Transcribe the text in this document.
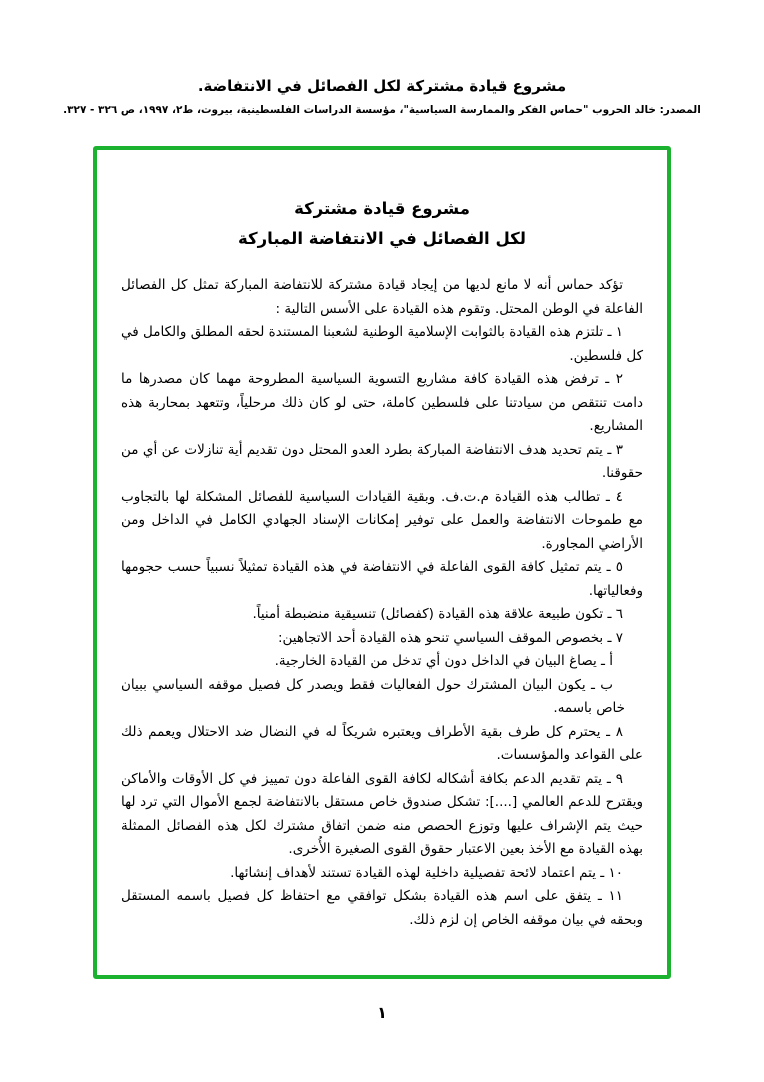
مشروع قيادة مشتركة لكل الفصائل في الانتفاضة.
المصدر: خالد الحروب "حماس الفكر والممارسة السياسية"، مؤسسة الدراسات الفلسطينية، بيروت، ط٢، ١٩٩٧، ص ٣٢٦ - ٣٢٧.
مشروع قيادة مشتركة
لكل الفصائل في الانتفاضة المباركة

تؤكد حماس أنه لا مانع لديها من إيجاد قيادة مشتركة للانتفاضة المباركة تمثل كل الفصائل الفاعلة في الوطن المحتل. وتقوم هذه القيادة على الأسس التالية :

١ ـ تلتزم هذه القيادة بالثوابت الإسلامية الوطنية لشعبنا المستندة لحقه المطلق والكامل في كل فلسطين.

٢ ـ ترفض هذه القيادة كافة مشاريع التسوية السياسية المطروحة مهما كان مصدرها ما دامت تنتقص من سيادتنا على فلسطين كاملة، حتى لو كان ذلك مرحلياً، وتتعهد بمحاربة هذه المشاريع.

٣ ـ يتم تحديد هدف الانتفاضة المباركة بطرد العدو المحتل دون تقديم أية تنازلات عن أي من حقوقنا.

٤ ـ تطالب هذه القيادة م.ت.ف. وبقية القيادات السياسية للفصائل المشكلة لها بالتجاوب مع طموحات الانتفاضة والعمل على توفير إمكانات الإسناد الجهادي الكامل في الداخل ومن الأراضي المجاورة.

٥ ـ يتم تمثيل كافة القوى الفاعلة في الانتفاضة في هذه القيادة تمثيلاً نسبياً حسب حجومها وفعالياتها.

٦ ـ تكون طبيعة علاقة هذه القيادة (كفصائل) تنسيقية منضبطة أمنياً.

٧ ـ بخصوص الموقف السياسي تنحو هذه القيادة أحد الاتجاهين:

أ ـ يصاغ البيان في الداخل دون أي تدخل من القيادة الخارجية.

ب ـ يكون البيان المشترك حول الفعاليات فقط ويصدر كل فصيل موقفه السياسي ببيان خاص باسمه.

٨ ـ يحترم كل طرف بقية الأطراف ويعتبره شريكاً له في النضال ضد الاحتلال ويعمم ذلك على القواعد والمؤسسات.

٩ ـ يتم تقديم الدعم بكافة أشكاله لكافة القوى الفاعلة دون تمييز في كل الأوقات والأماكن ويقترح للدعم العالمي [....]: تشكل صندوق خاص مستقل بالانتفاضة لجمع الأموال التي ترد لها حيث يتم الإشراف عليها وتوزع الحصص منه ضمن اتفاق مشترك لكل هذه الفصائل الممثلة بهذه القيادة مع الأخذ بعين الاعتبار حقوق القوى الصغيرة الأُخرى.

١٠ ـ يتم اعتماد لائحة تفصيلية داخلية لهذه القيادة تستند لأهداف إنشائها.

١١ ـ يتفق على اسم هذه القيادة بشكل توافقي مع احتفاظ كل فصيل باسمه المستقل وبحقه في بيان موقفه الخاص إن لزم ذلك.

١
